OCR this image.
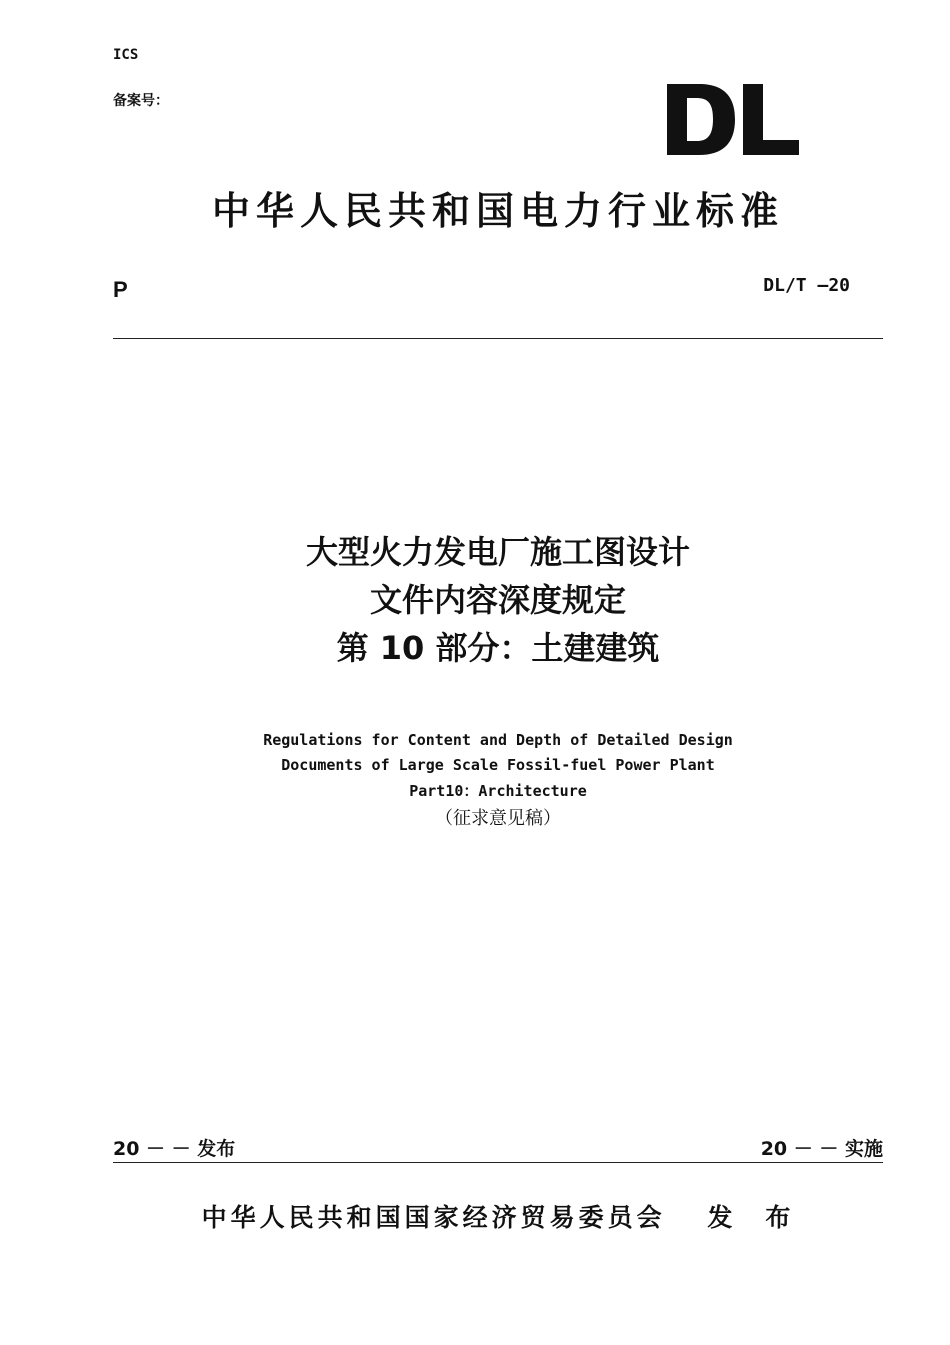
ICS
备案号：
中华人民共和国电力行业标准
P	DL/T —20
大型火力发电厂施工图设计
文件内容深度规定
第 10 部分：土建建筑
Regulations for Content and Depth of Detailed Design
Documents of Large Scale Fossil-fuel Power Plant
Part10：Architecture
（征求意见稿）
20 － － 发布	20 － － 实施
中华人民共和国国家经济贸易委员会　 发　布
